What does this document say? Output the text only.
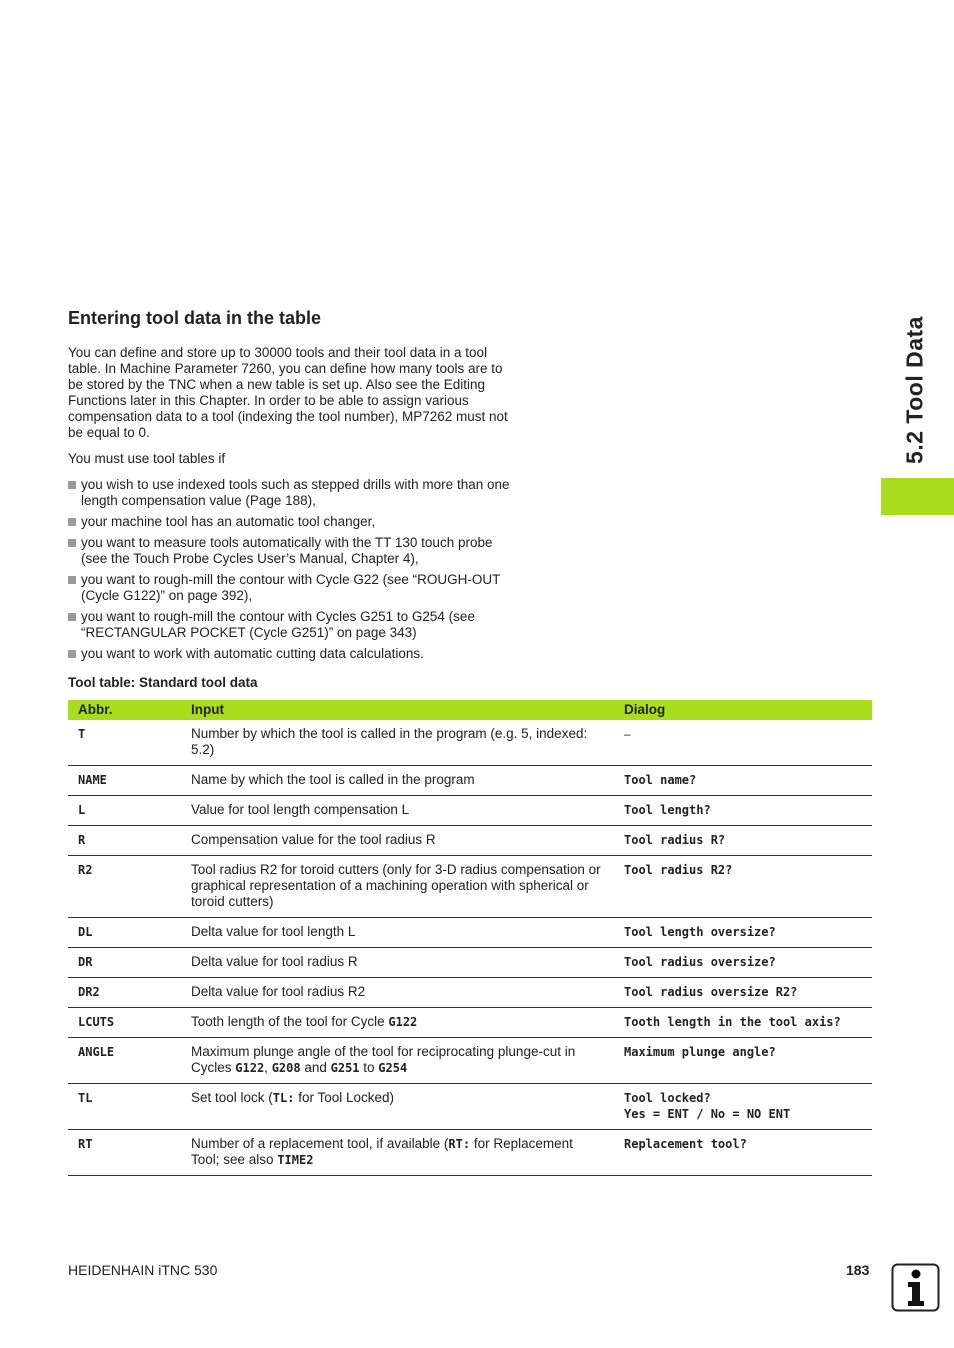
5.2 Tool Data
Entering tool data in the table

You can define and store up to 30000 tools and their tool data in a tool table. In Machine Parameter 7260, you can define how many tools are to be stored by the TNC when a new table is set up. Also see the Editing Functions later in this Chapter. In order to be able to assign various compensation data to a tool (indexing the tool number), MP7262 must not be equal to 0.

You must use tool tables if

you wish to use indexed tools such as stepped drills with more than one length compensation value (Page 188),
your machine tool has an automatic tool changer,
you want to measure tools automatically with the TT 130 touch probe (see the Touch Probe Cycles User’s Manual, Chapter 4),
you want to rough-mill the contour with Cycle G22 (see “ROUGH-OUT (Cycle G122)” on page 392),
you want to rough-mill the contour with Cycles G251 to G254 (see “RECTANGULAR POCKET (Cycle G251)” on page 343)
you want to work with automatic cutting data calculations.

Tool table: Standard tool data

Abbr.	Input	Dialog
T	Number by which the tool is called in the program (e.g. 5, indexed: 5.2)	–
NAME	Name by which the tool is called in the program	Tool name?
L	Value for tool length compensation L	Tool length?
R	Compensation value for the tool radius R	Tool radius R?
R2	Tool radius R2 for toroid cutters (only for 3-D radius compensation or graphical representation of a machining operation with spherical or toroid cutters)	Tool radius R2?
DL	Delta value for tool length L	Tool length oversize?
DR	Delta value for tool radius R	Tool radius oversize?
DR2	Delta value for tool radius R2	Tool radius oversize R2?
LCUTS	Tooth length of the tool for Cycle G122	Tooth length in the tool axis?
ANGLE	Maximum plunge angle of the tool for reciprocating plunge-cut in Cycles G122, G208 and G251 to G254	Maximum plunge angle?
TL	Set tool lock (TL: for Tool Locked)	Tool locked?
Yes = ENT / No = NO ENT
RT	Number of a replacement tool, if available (RT: for Replacement Tool; see also TIME2	Replacement tool?

HEIDENHAIN iTNC 530	183
